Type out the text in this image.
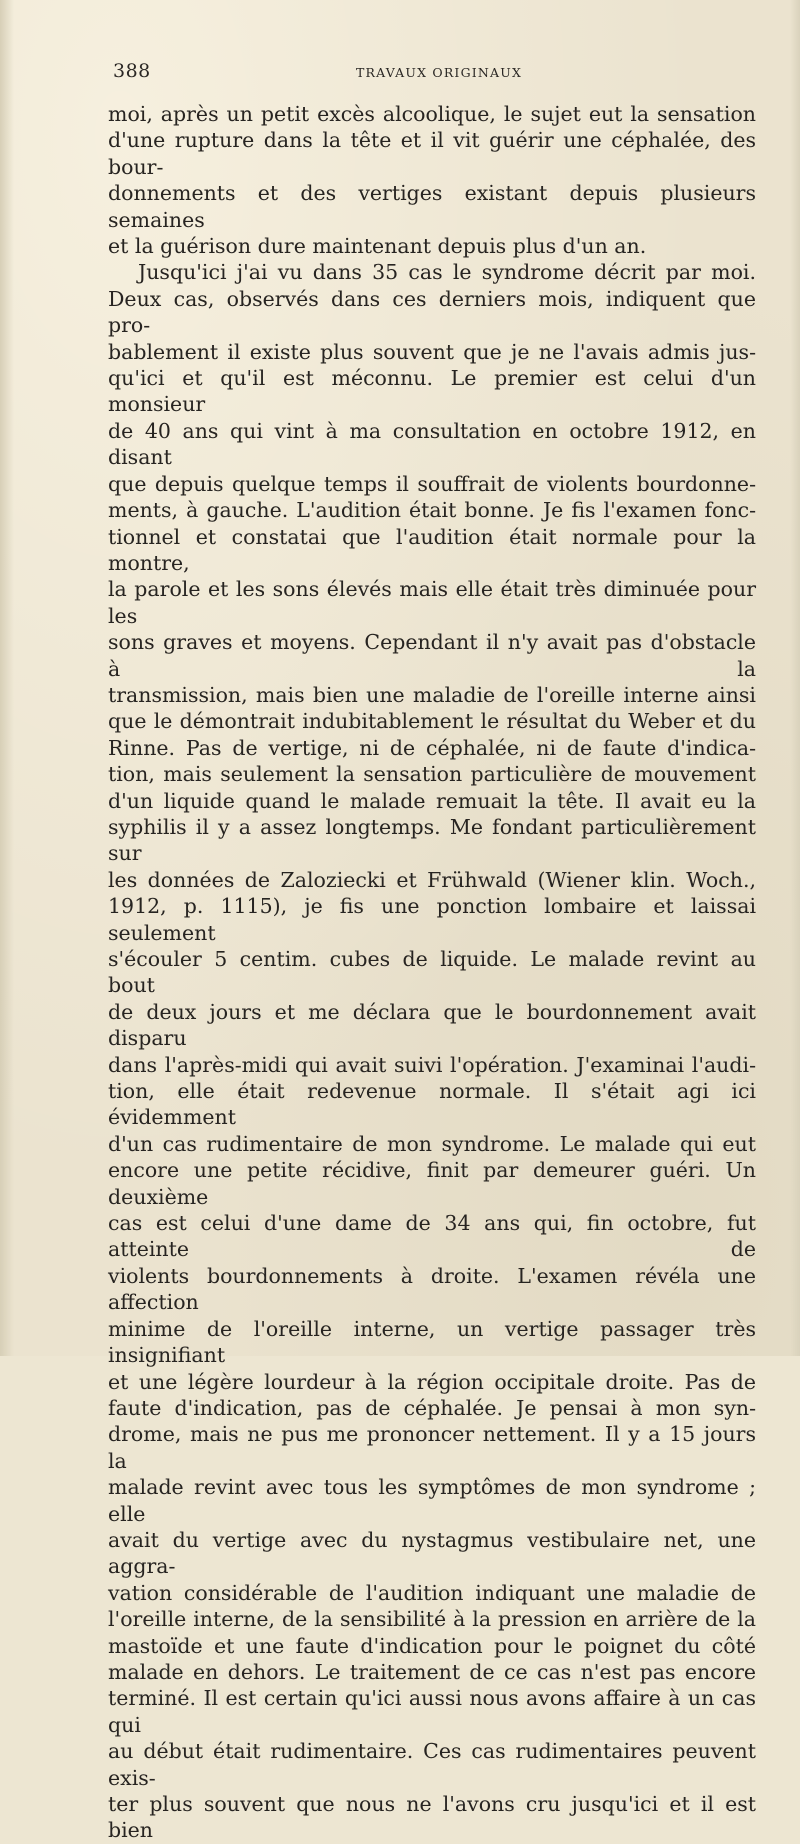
388	TRAVAUX ORIGINAUX

moi, après un petit excès alcoolique, le sujet eut la sensation

d'une rupture dans la tête et il vit guérir une céphalée, des bour-

donnements et des vertiges existant depuis plusieurs semaines

et la guérison dure maintenant depuis plus d'un an.

Jusqu'ici j'ai vu dans 35 cas le syndrome décrit par moi.

Deux cas, observés dans ces derniers mois, indiquent que pro-

bablement il existe plus souvent que je ne l'avais admis jus-

qu'ici et qu'il est méconnu. Le premier est celui d'un monsieur

de 40 ans qui vint à ma consultation en octobre 1912, en disant

que depuis quelque temps il souffrait de violents bourdonne-

ments, à gauche. L'audition était bonne. Je fis l'examen fonc-

tionnel et constatai que l'audition était normale pour la montre,

la parole et les sons élevés mais elle était très diminuée pour les

sons graves et moyens. Cependant il n'y avait pas d'obstacle à la

transmission, mais bien une maladie de l'oreille interne ainsi

que le démontrait indubitablement le résultat du Weber et du

Rinne. Pas de vertige, ni de céphalée, ni de faute d'indica-

tion, mais seulement la sensation particulière de mouvement

d'un liquide quand le malade remuait la tête. Il avait eu la

syphilis il y a assez longtemps. Me fondant particulièrement sur

les données de Zaloziecki et Frühwald (Wiener klin. Woch.,

1912, p. 1115), je fis une ponction lombaire et laissai seulement

s'écouler 5 centim. cubes de liquide. Le malade revint au bout

de deux jours et me déclara que le bourdonnement avait disparu

dans l'après-midi qui avait suivi l'opération. J'examinai l'audi-

tion, elle était redevenue normale. Il s'était agi ici évidemment

d'un cas rudimentaire de mon syndrome. Le malade qui eut

encore une petite récidive, finit par demeurer guéri. Un deuxième

cas est celui d'une dame de 34 ans qui, fin octobre, fut atteinte de

violents bourdonnements à droite. L'examen révéla une affection

minime de l'oreille interne, un vertige passager très insignifiant

et une légère lourdeur à la région occipitale droite. Pas de

faute d'indication, pas de céphalée. Je pensai à mon syn-

drome, mais ne pus me prononcer nettement. Il y a 15 jours la

malade revint avec tous les symptômes de mon syndrome ; elle

avait du vertige avec du nystagmus vestibulaire net, une aggra-

vation considérable de l'audition indiquant une maladie de

l'oreille interne, de la sensibilité à la pression en arrière de la

mastoïde et une faute d'indication pour le poignet du côté

malade en dehors. Le traitement de ce cas n'est pas encore

terminé. Il est certain qu'ici aussi nous avons affaire à un cas qui

au début était rudimentaire. Ces cas rudimentaires peuvent exis-

ter plus souvent que nous ne l'avons cru jusqu'ici et il est bien
